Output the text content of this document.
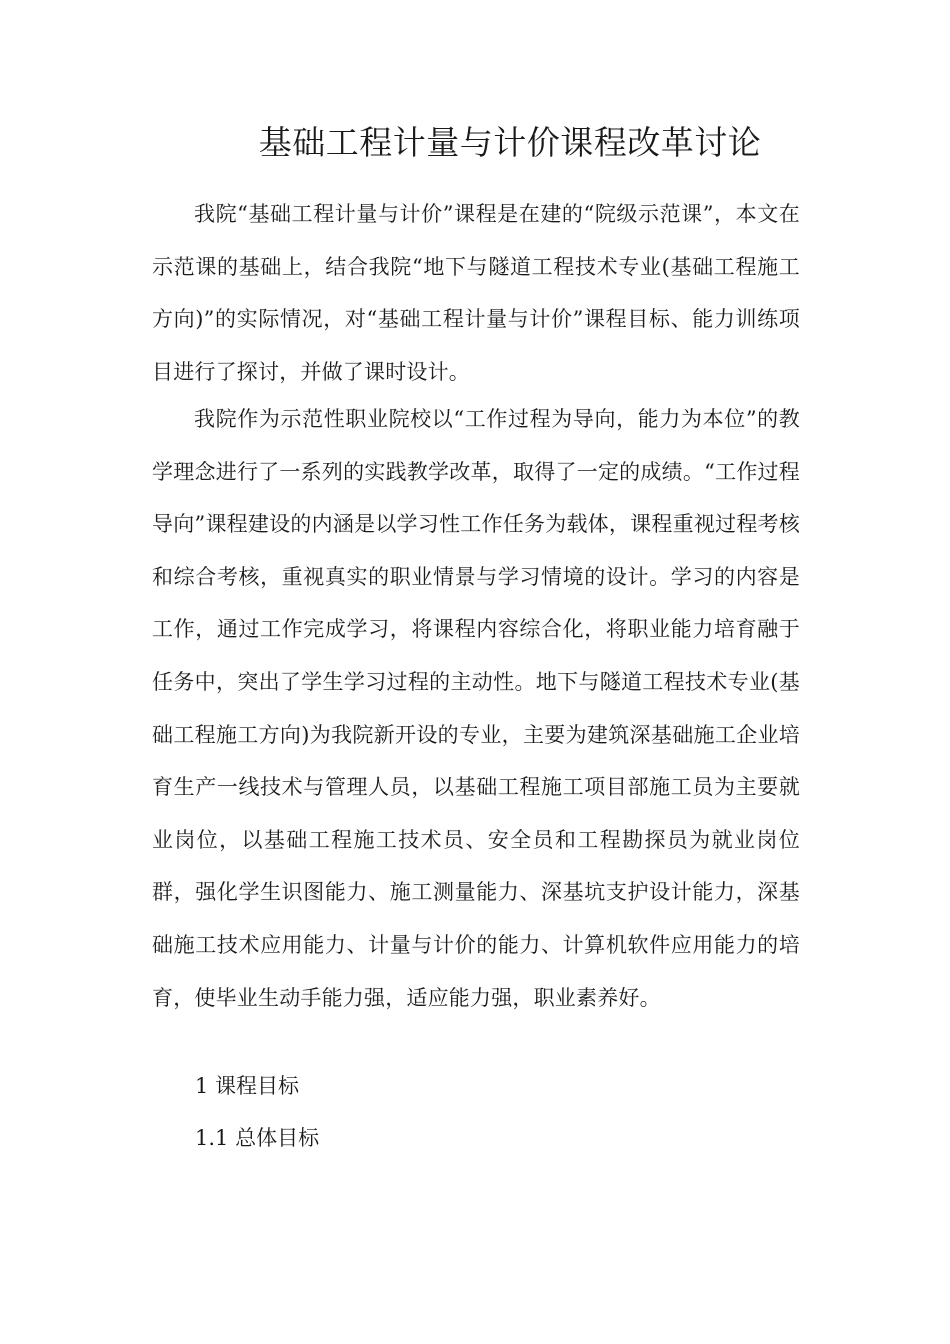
基础工程计量与计价课程改革讨论

我院“基础工程计量与计价”课程是在建的“院级示范课”，本文在示范课的基础上，结合我院“地下与隧道工程技术专业(基础工程施工方向)”的实际情况，对“基础工程计量与计价”课程目标、能力训练项目进行了探讨，并做了课时设计。

我院作为示范性职业院校以“工作过程为导向，能力为本位”的教学理念进行了一系列的实践教学改革，取得了一定的成绩。“工作过程导向”课程建设的内涵是以学习性工作任务为载体，课程重视过程考核和综合考核，重视真实的职业情景与学习情境的设计。学习的内容是工作，通过工作完成学习，将课程内容综合化，将职业能力培育融于任务中，突出了学生学习过程的主动性。地下与隧道工程技术专业(基础工程施工方向)为我院新开设的专业，主要为建筑深基础施工企业培育生产一线技术与管理人员，以基础工程施工项目部施工员为主要就业岗位，以基础工程施工技术员、安全员和工程勘探员为就业岗位群，强化学生识图能力、施工测量能力、深基坑支护设计能力，深基础施工技术应用能力、计量与计价的能力、计算机软件应用能力的培育，使毕业生动手能力强，适应能力强，职业素养好。

1 课程目标

1.1 总体目标
